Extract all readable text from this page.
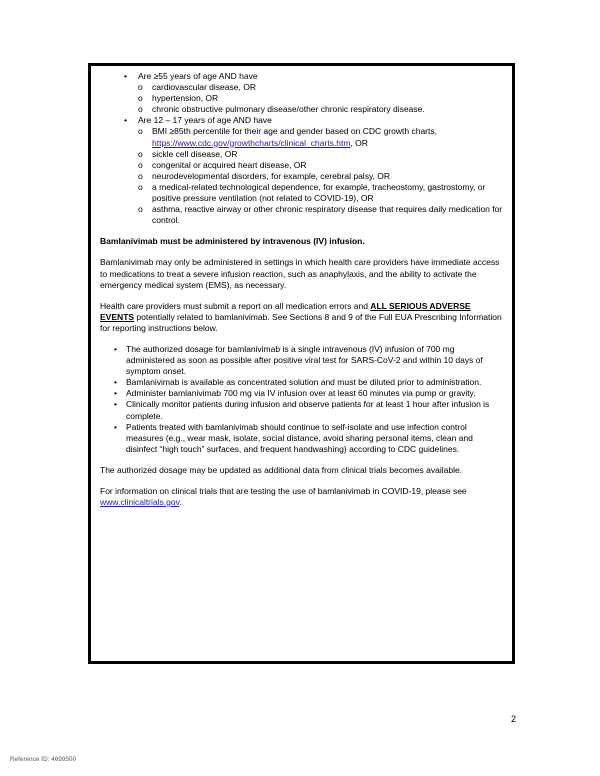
• Are ≥55 years of age AND have
o cardiovascular disease, OR
o hypertension, OR
o chronic obstructive pulmonary disease/other chronic respiratory disease.
• Are 12 – 17 years of age AND have
o BMI ≥85th percentile for their age and gender based on CDC growth charts, https://www.cdc.gov/growthcharts/clinical_charts.htm, OR
o sickle cell disease, OR
o congenital or acquired heart disease, OR
o neurodevelopmental disorders, for example, cerebral palsy, OR
o a medical-related technological dependence, for example, tracheostomy, gastrostomy, or positive pressure ventilation (not related to COVID-19), OR
o asthma, reactive airway or other chronic respiratory disease that requires daily medication for control.

Bamlanivimab must be administered by intravenous (IV) infusion.

Bamlanivimab may only be administered in settings in which health care providers have immediate access to medications to treat a severe infusion reaction, such as anaphylaxis, and the ability to activate the emergency medical system (EMS), as necessary.

Health care providers must submit a report on all medication errors and ALL SERIOUS ADVERSE EVENTS potentially related to bamlanivimab. See Sections 8 and 9 of the Full EUA Prescribing Information for reporting instructions below.

• The authorized dosage for bamlanivimab is a single intravenous (IV) infusion of 700 mg administered as soon as possible after positive viral test for SARS-CoV-2 and within 10 days of symptom onset.
• Bamlanivimab is available as concentrated solution and must be diluted prior to administration.
• Administer bamlanivimab 700 mg via IV infusion over at least 60 minutes via pump or gravity.
• Clinically monitor patients during infusion and observe patients for at least 1 hour after infusion is complete.
• Patients treated with bamlanivimab should continue to self-isolate and use infection control measures (e.g., wear mask, isolate, social distance, avoid sharing personal items, clean and disinfect “high touch” surfaces, and frequent handwashing) according to CDC guidelines.

The authorized dosage may be updated as additional data from clinical trials becomes available.

For information on clinical trials that are testing the use of bamlanivimab in COVID-19, please see www.clinicaltrials.gov.

2
Reference ID: 4699500
